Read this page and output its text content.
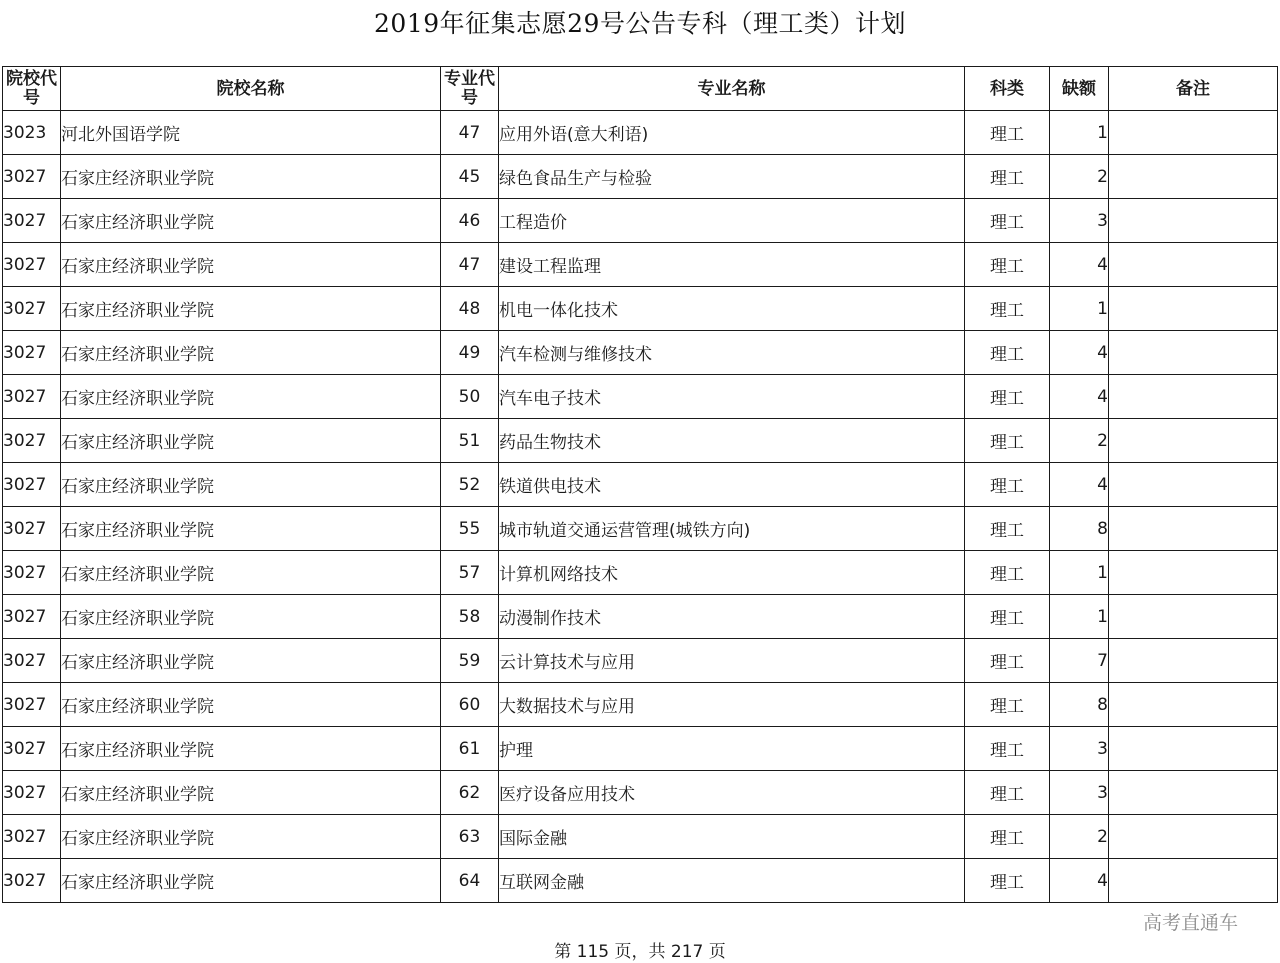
2019年征集志愿29号公告专科（理工类）计划
院校代号	院校名称	专业代号	专业名称	科类	缺额	备注
3023	河北外国语学院	47	应用外语(意大利语)	理工	1	
3027	石家庄经济职业学院	45	绿色食品生产与检验	理工	2	
3027	石家庄经济职业学院	46	工程造价	理工	3	
3027	石家庄经济职业学院	47	建设工程监理	理工	4	
3027	石家庄经济职业学院	48	机电一体化技术	理工	1	
3027	石家庄经济职业学院	49	汽车检测与维修技术	理工	4	
3027	石家庄经济职业学院	50	汽车电子技术	理工	4	
3027	石家庄经济职业学院	51	药品生物技术	理工	2	
3027	石家庄经济职业学院	52	铁道供电技术	理工	4	
3027	石家庄经济职业学院	55	城市轨道交通运营管理(城铁方向)	理工	8	
3027	石家庄经济职业学院	57	计算机网络技术	理工	1	
3027	石家庄经济职业学院	58	动漫制作技术	理工	1	
3027	石家庄经济职业学院	59	云计算技术与应用	理工	7	
3027	石家庄经济职业学院	60	大数据技术与应用	理工	8	
3027	石家庄经济职业学院	61	护理	理工	3	
3027	石家庄经济职业学院	62	医疗设备应用技术	理工	3	
3027	石家庄经济职业学院	63	国际金融	理工	2	
3027	石家庄经济职业学院	64	互联网金融	理工	4	
高考直通车
第 115 页，共 217 页
